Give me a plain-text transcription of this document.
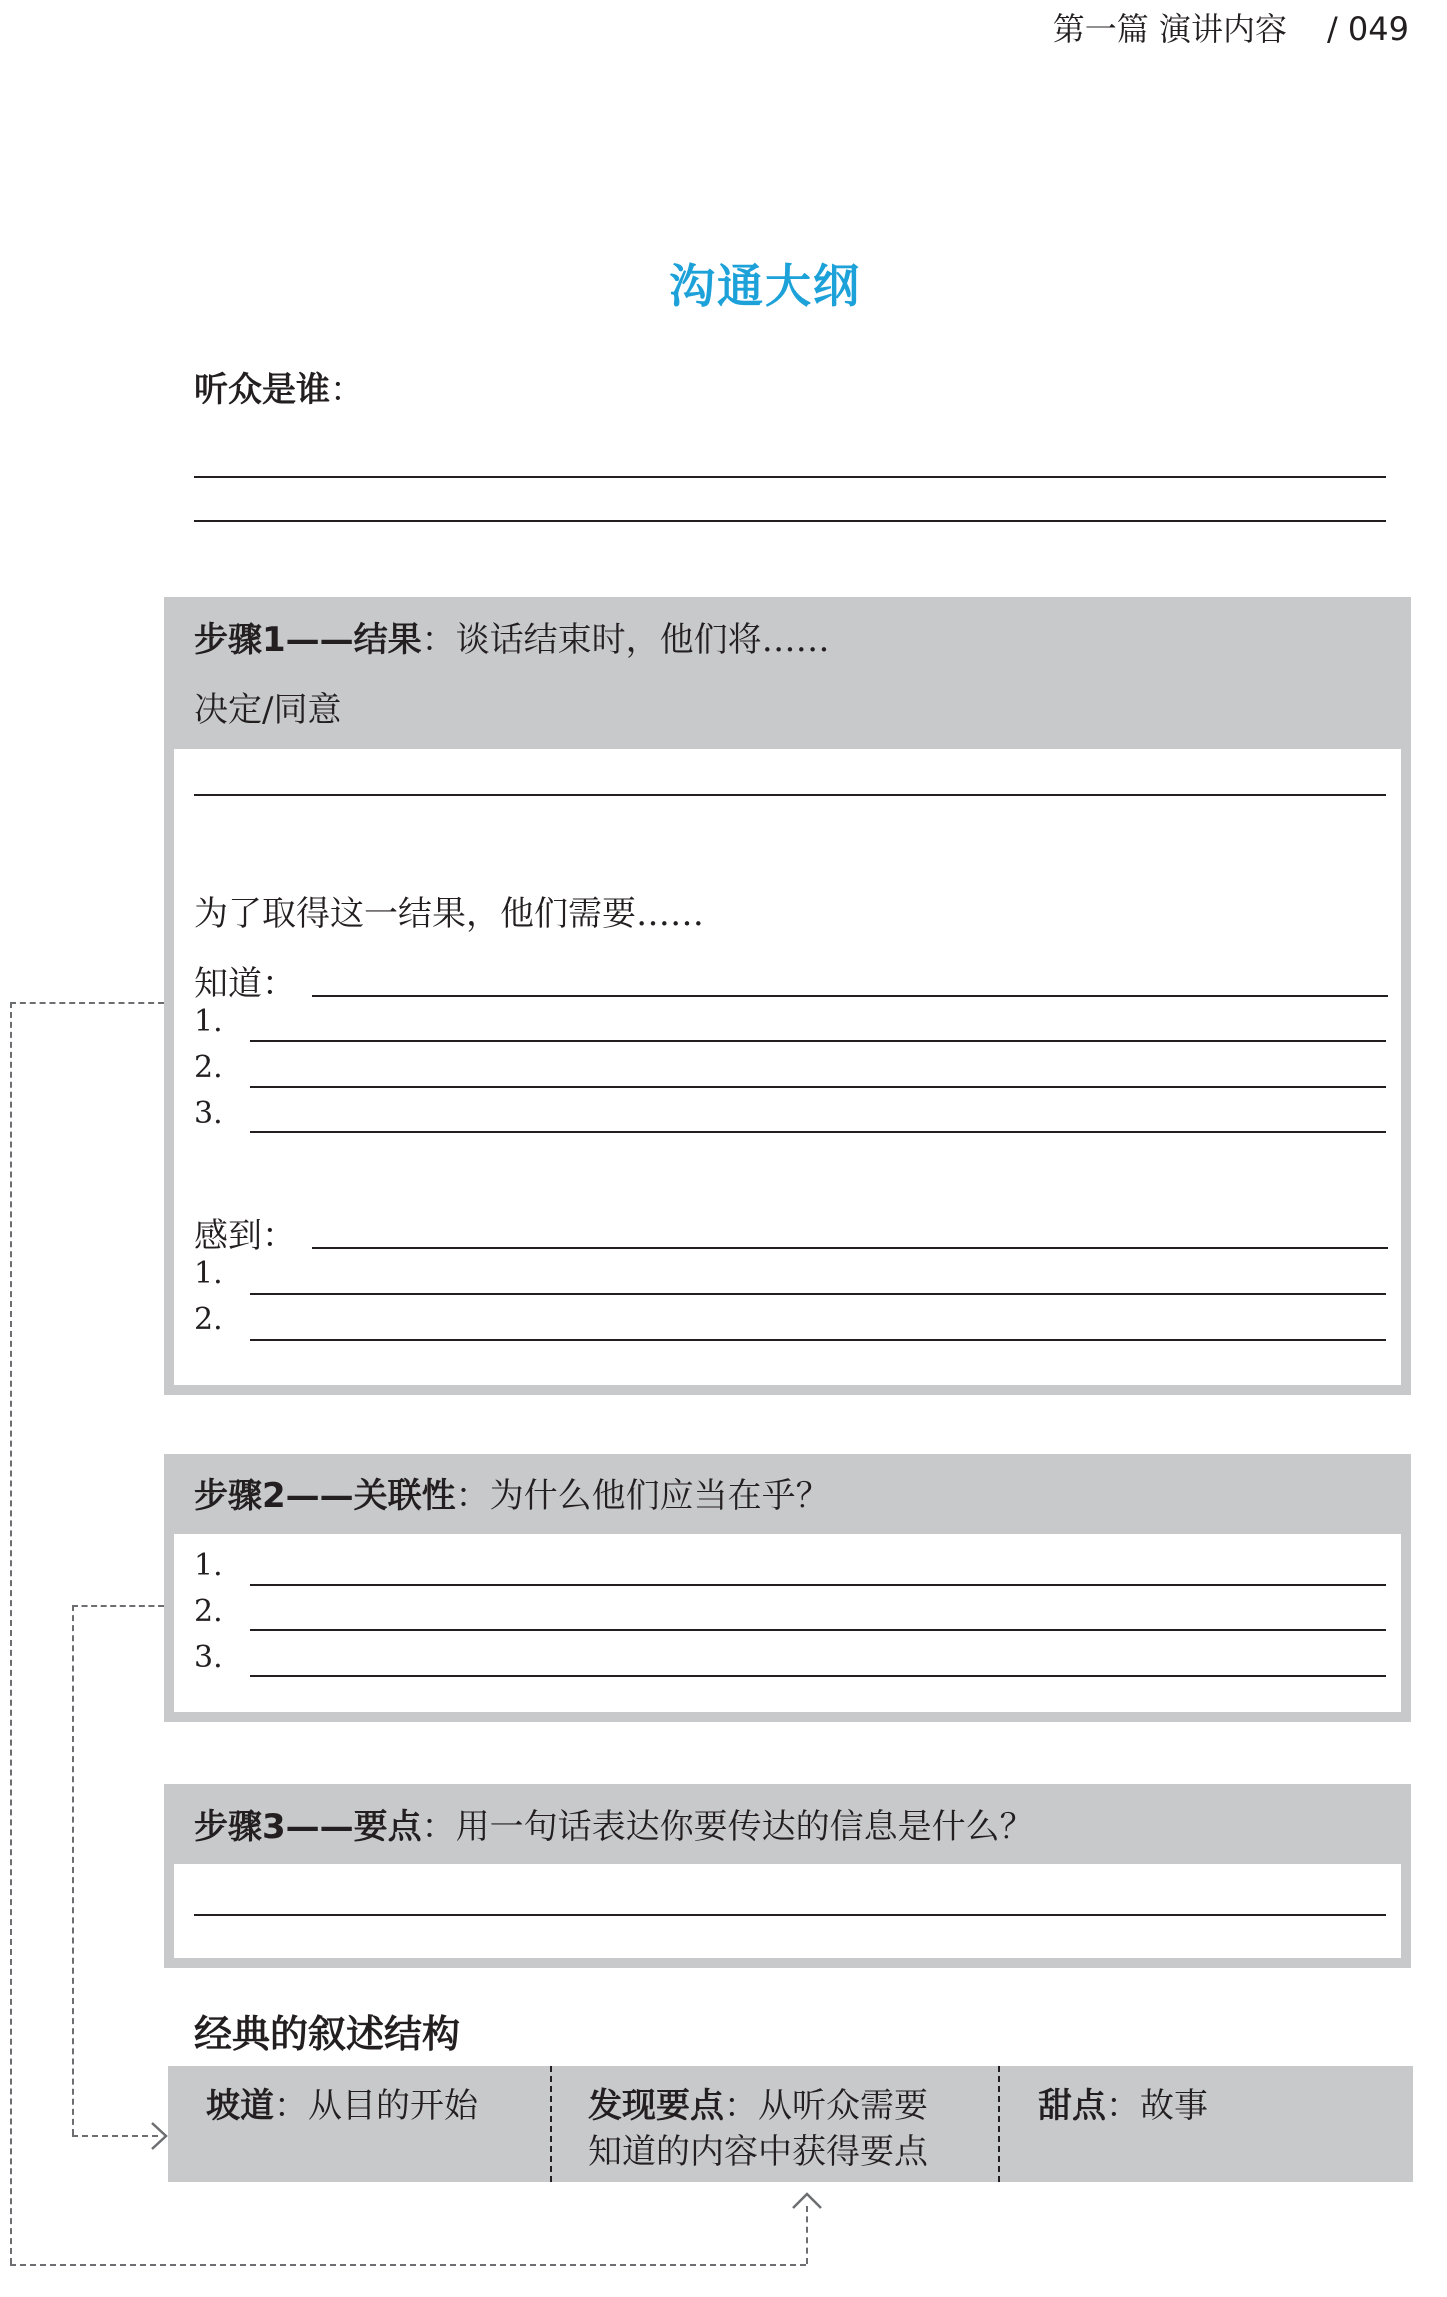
第一篇 演讲内容 / 049
沟通大纲
听众是谁：
步骤1——结果：谈话结束时，他们将……
决定/同意
为了取得这一结果，他们需要……
知道：
1.
2.
3.
感到：
1.
2.
步骤2——关联性：为什么他们应当在乎？
1.
2.
3.
步骤3——要点：用一句话表达你要传达的信息是什么？
经典的叙述结构
坡道：从目的开始	发现要点：从听众需要
知道的内容中获得要点
甜点：故事
